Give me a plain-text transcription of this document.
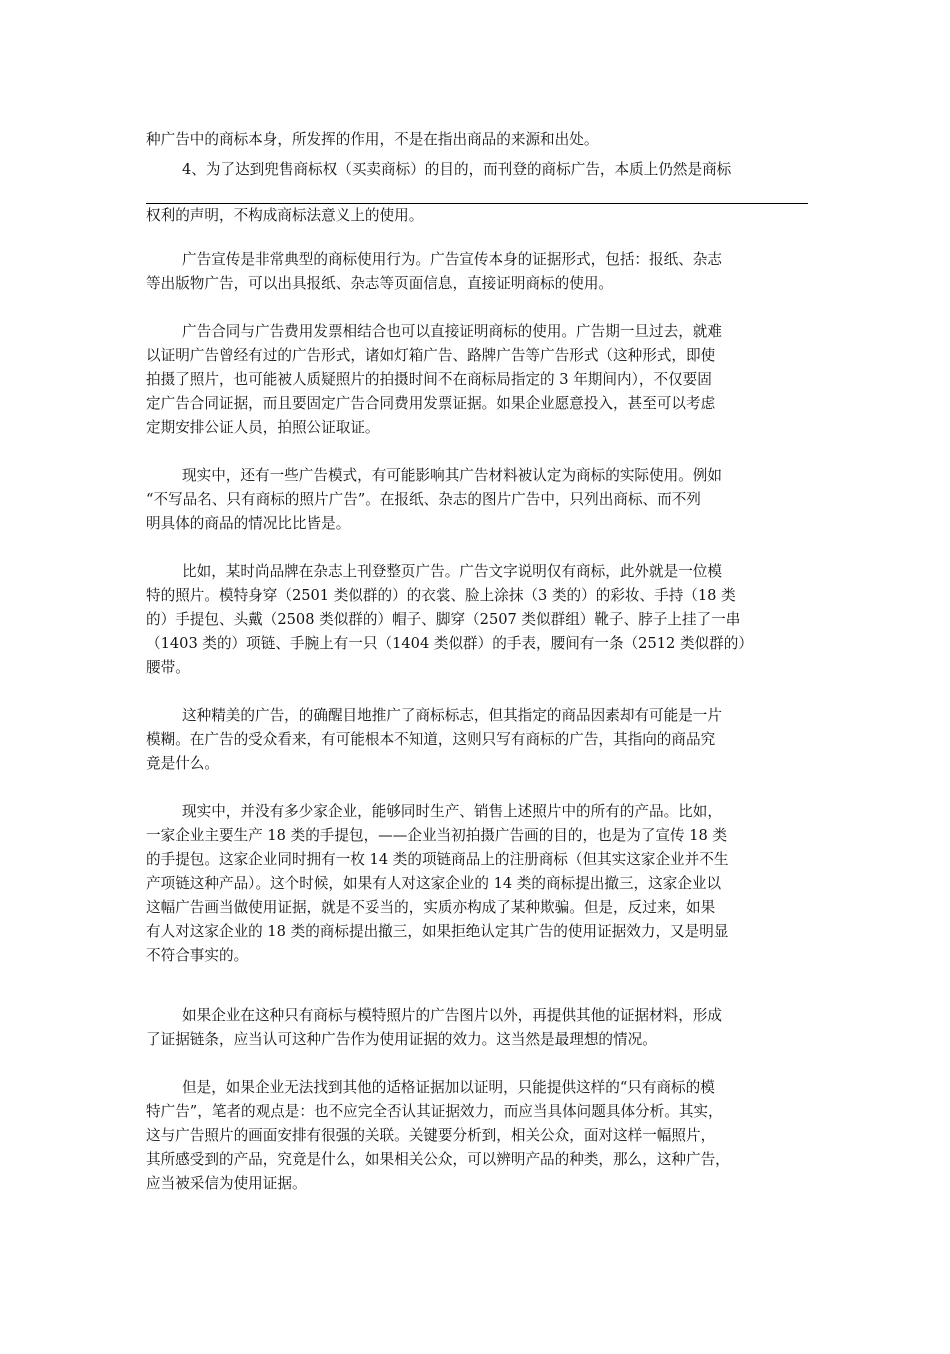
种广告中的商标本身，所发挥的作用，不是在指出商品的来源和出处。
4、为了达到兜售商标权（买卖商标）的目的，而刊登的商标广告，本质上仍然是商标
权利的声明，不构成商标法意义上的使用。
广告宣传是非常典型的商标使用行为。广告宣传本身的证据形式，包括：报纸、杂志
等出版物广告，可以出具报纸、杂志等页面信息，直接证明商标的使用。
广告合同与广告费用发票相结合也可以直接证明商标的使用。广告期一旦过去，就难
以证明广告曾经有过的广告形式，诸如灯箱广告、路牌广告等广告形式（这种形式，即使
拍摄了照片，也可能被人质疑照片的拍摄时间不在商标局指定的 3 年期间内），不仅要固
定广告合同证据，而且要固定广告合同费用发票证据。如果企业愿意投入，甚至可以考虑
定期安排公证人员，拍照公证取证。
现实中，还有一些广告模式，有可能影响其广告材料被认定为商标的实际使用。例如
“不写品名、只有商标的照片广告”。在报纸、杂志的图片广告中，只列出商标、而不列
明具体的商品的情况比比皆是。
比如，某时尚品牌在杂志上刊登整页广告。广告文字说明仅有商标，此外就是一位模
特的照片。模特身穿（2501 类似群的）的衣裳、脸上涂抹（3 类的）的彩妆、手持（18 类
的）手提包、头戴（2508 类似群的）帽子、脚穿（2507 类似群组）靴子、脖子上挂了一串
（1403 类的）项链、手腕上有一只（1404 类似群）的手表，腰间有一条（2512 类似群的）
腰带。
这种精美的广告，的确醒目地推广了商标标志，但其指定的商品因素却有可能是一片
模糊。在广告的受众看来，有可能根本不知道，这则只写有商标的广告，其指向的商品究
竟是什么。
现实中，并没有多少家企业，能够同时生产、销售上述照片中的所有的产品。比如，
一家企业主要生产 18 类的手提包，——企业当初拍摄广告画的目的，也是为了宣传 18 类
的手提包。这家企业同时拥有一枚 14 类的项链商品上的注册商标（但其实这家企业并不生
产项链这种产品）。这个时候，如果有人对这家企业的 14 类的商标提出撤三，这家企业以
这幅广告画当做使用证据，就是不妥当的，实质亦构成了某种欺骗。但是，反过来，如果
有人对这家企业的 18 类的商标提出撤三，如果拒绝认定其广告的使用证据效力，又是明显
不符合事实的。
如果企业在这种只有商标与模特照片的广告图片以外，再提供其他的证据材料，形成
了证据链条，应当认可这种广告作为使用证据的效力。这当然是最理想的情况。
但是，如果企业无法找到其他的适格证据加以证明，只能提供这样的“只有商标的模
特广告”，笔者的观点是：也不应完全否认其证据效力，而应当具体问题具体分析。其实，
这与广告照片的画面安排有很强的关联。关键要分析到，相关公众，面对这样一幅照片，
其所感受到的产品，究竟是什么，如果相关公众，可以辨明产品的种类，那么，这种广告，
应当被采信为使用证据。
